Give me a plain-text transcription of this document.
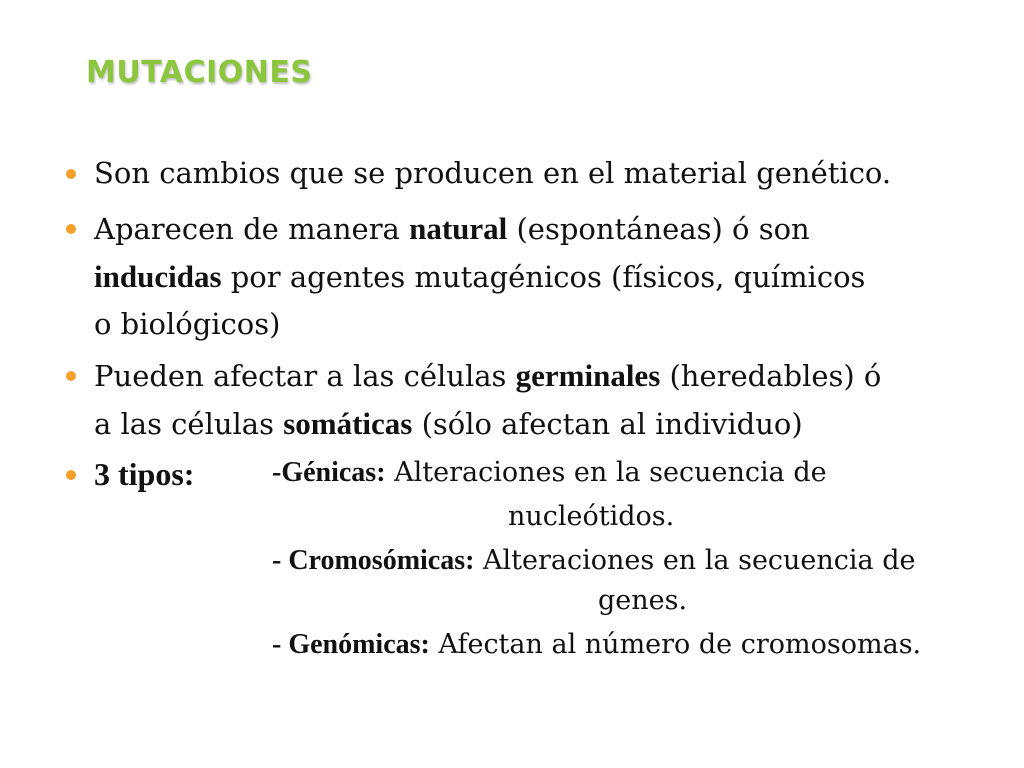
MUTACIONES
Son cambios que se producen en el material genético.
Aparecen de manera natural (espontáneas) ó son
inducidas por agentes mutagénicos (físicos, químicos
o biológicos)
Pueden afectar a las células germinales (heredables) ó
a las células somáticas (sólo afectan al individuo)
3 tipos:	-Génicas: Alteraciones en la secuencia de
nucleótidos.
- Cromosómicas: Alteraciones en la secuencia de
genes.
- Genómicas: Afectan al número de cromosomas.
